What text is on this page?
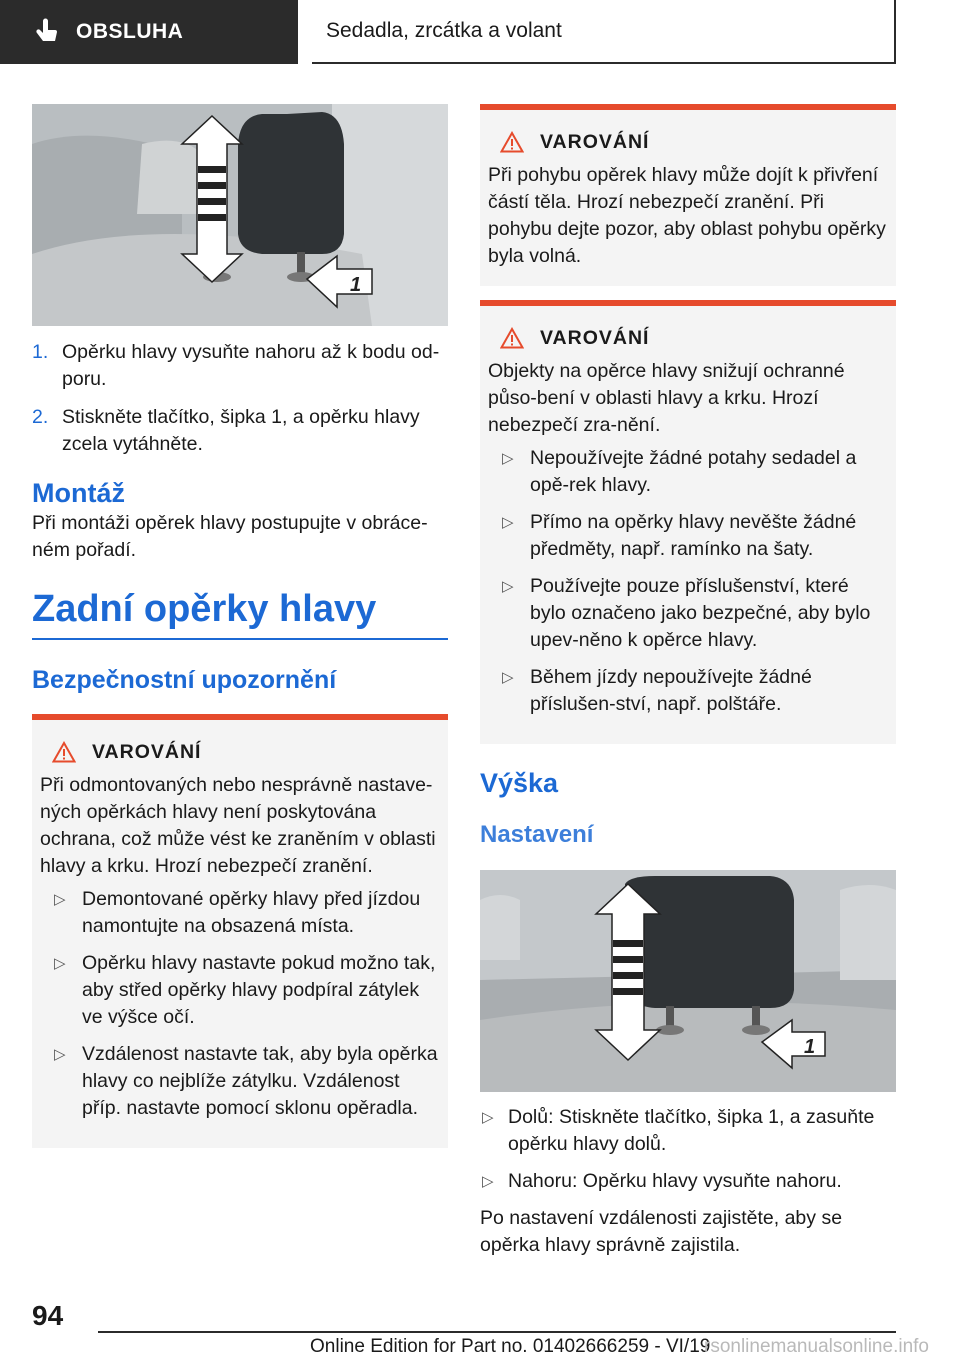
OBSLUHA	Sedadla, zrcátka a volant
1
1. Opěrku hlavy vysuňte nahoru až k bodu od-poru.
2. Stiskněte tlačítko, šipka 1, a opěrku hlavy zcela vytáhněte.
Montáž

Při montáži opěrek hlavy postupujte v obráce-ném pořadí.

Zadní opěrky hlavy
Bezpečnostní upozornění
VAROVÁNÍ

Při odmontovaných nebo nesprávně nastave-ných opěrkách hlavy není poskytována ochrana, což může vést ke zraněním v oblasti hlavy a krku. Hrozí nebezpečí zranění.

▷ Demontované opěrky hlavy před jízdou namontujte na obsazená místa.
▷ Opěrku hlavy nastavte pokud možno tak, aby střed opěrky hlavy podpíral zátylek ve výšce očí.
▷ Vzdálenost nastavte tak, aby byla opěrka hlavy co nejblíže zátylku. Vzdálenost příp. nastavte pomocí sklonu opěradla.
VAROVÁNÍ

Při pohybu opěrek hlavy může dojít k přivření částí těla. Hrozí nebezpečí zranění. Při pohybu dejte pozor, aby oblast pohybu opěrky byla volná.

VAROVÁNÍ

Objekty na opěrce hlavy snižují ochranné půso-bení v oblasti hlavy a krku. Hrozí nebezpečí zra-nění.

▷ Nepoužívejte žádné potahy sedadel a opě-rek hlavy.
▷ Přímo na opěrky hlavy nevěšte žádné předměty, např. ramínko na šaty.
▷ Používejte pouze příslušenství, které bylo označeno jako bezpečné, aby bylo upev-něno k opěrce hlavy.
▷ Během jízdy nepoužívejte žádné příslušen-ství, např. polštáře.
Výška
Nastavení
1
▷ Dolů: Stiskněte tlačítko, šipka 1, a zasuňte opěrku hlavy dolů.
▷ Nahoru: Opěrku hlavy vysuňte nahoru.

Po nastavení vzdálenosti zajistěte, aby se opěrka hlavy správně zajistila.

94
Online Edition for Part no. 01402666259 - VI/19
rsonlinemanualsonline.info
